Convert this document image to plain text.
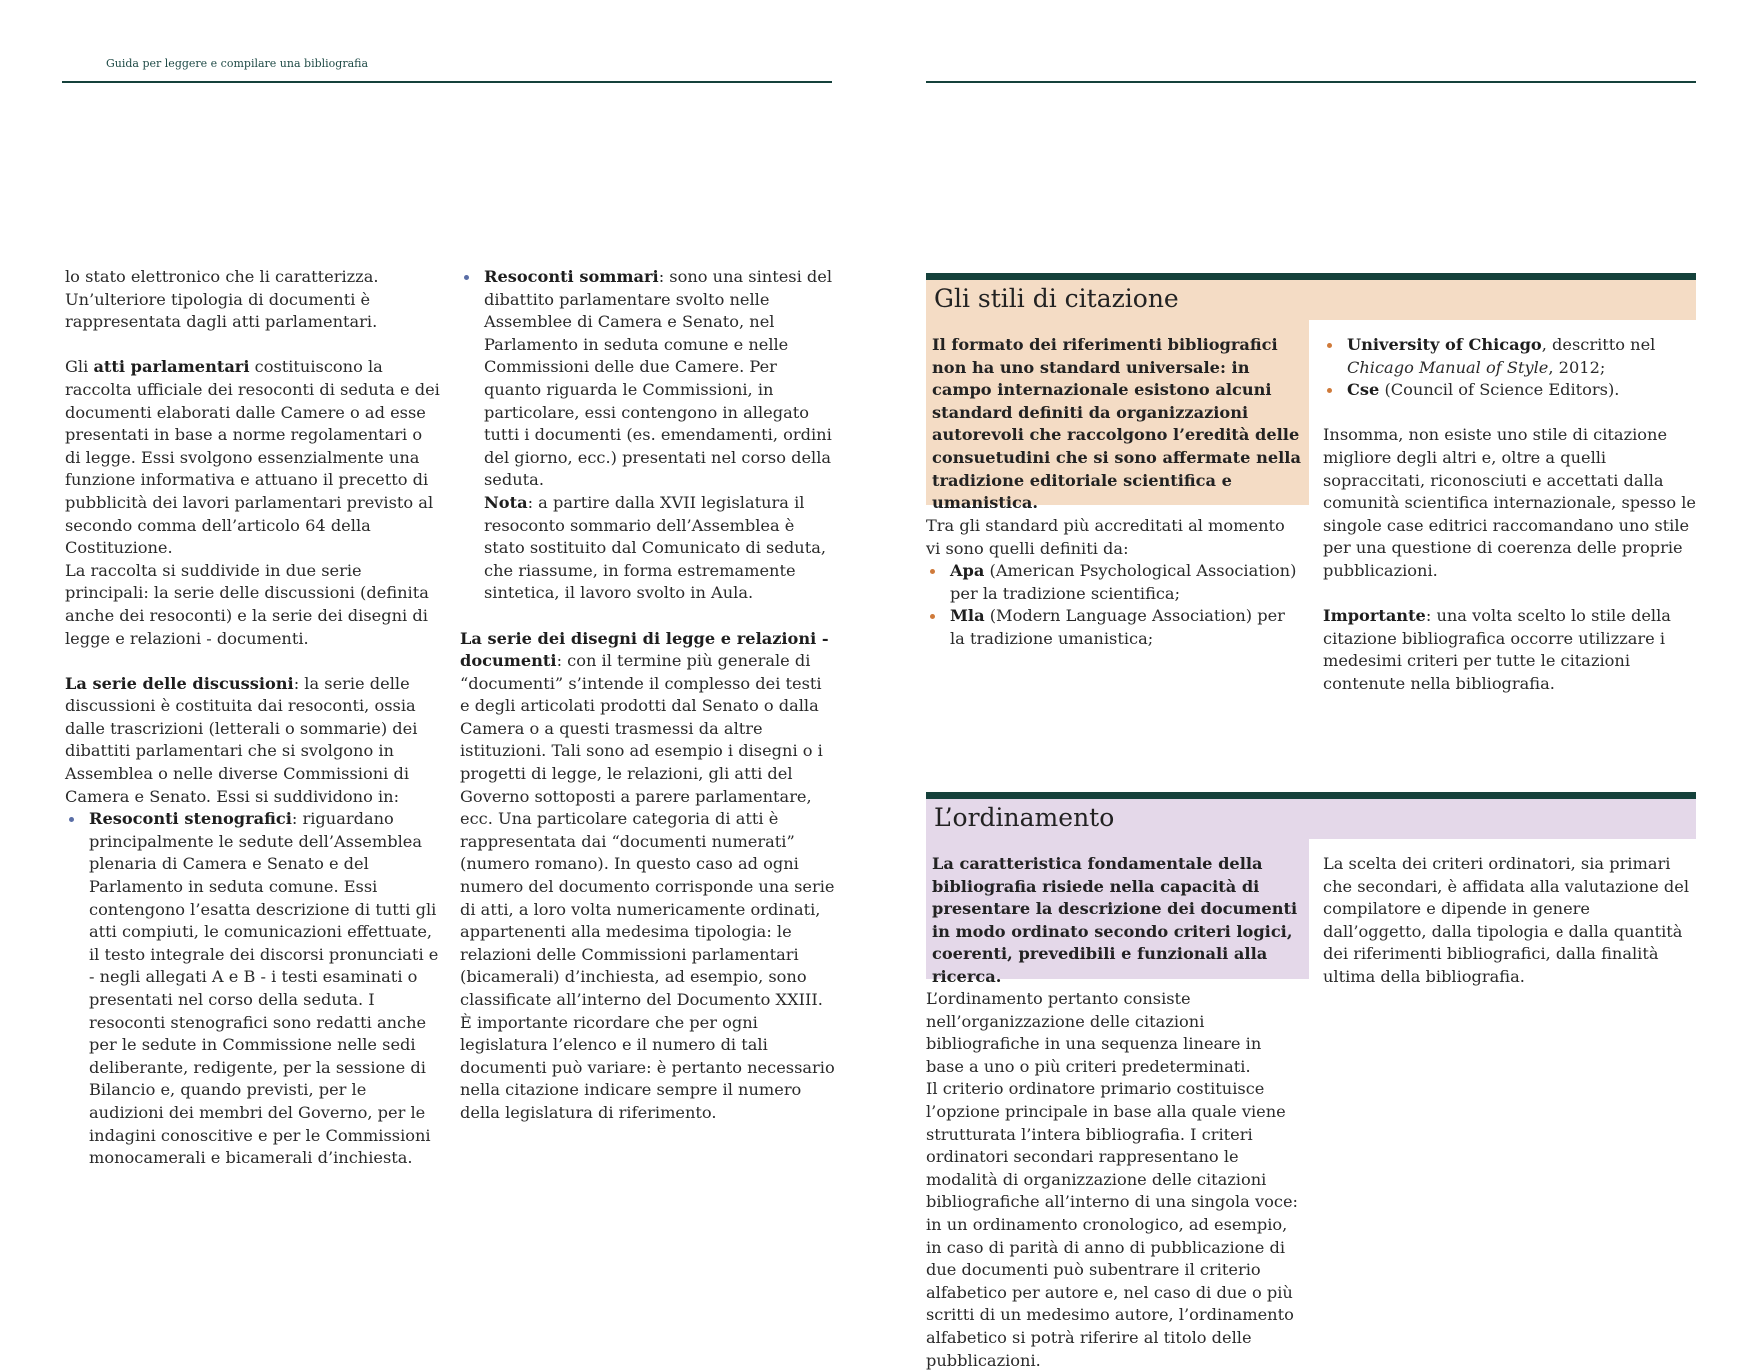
Guida per leggere e compilare una bibliografia

lo stato elettronico che li caratterizza. Un’ulteriore tipologia di documenti è rappresentata dagli atti parlamentari.

Gli atti parlamentari costituiscono la raccolta ufficiale dei resoconti di seduta e dei documenti elaborati dalle Camere o ad esse presentati in base a norme regolamentari o di legge. Essi svolgono essenzialmente una funzione informativa e attuano il precetto di pubblicità dei lavori parlamentari previsto al secondo comma dell’articolo 64 della Costituzione.

La raccolta si suddivide in due serie principali: la serie delle discussioni (definita anche dei resoconti) e la serie dei disegni di legge e relazioni - documenti.

La serie delle discussioni: la serie delle discussioni è costituita dai resoconti, ossia dalle trascrizioni (letterali o sommarie) dei dibattiti parlamentari che si svolgono in Assemblea o nelle diverse Commissioni di Camera e Senato. Essi si suddividono in:

Resoconti stenografici: riguardano principalmente le sedute dell’Assemblea plenaria di Camera e Senato e del Parlamento in seduta comune. Essi contengono l’esatta descrizione di tutti gli atti compiuti, le comunicazioni effettuate, il testo integrale dei discorsi pronunciati e - negli allegati A e B - i testi esaminati o presentati nel corso della seduta. I resoconti stenografici sono redatti anche per le sedute in Commissione nelle sedi deliberante, redigente, per la sessione di Bilancio e, quando previsti, per le audizioni dei membri del Governo, per le indagini conoscitive e per le Commissioni monocamerali e bicamerali d’inchiesta.
Resoconti sommari: sono una sintesi del dibattito parlamentare svolto nelle Assemblee di Camera e Senato, nel Parlamento in seduta comune e nelle Commissioni delle due Camere. Per quanto riguarda le Commissioni, in particolare, essi contengono in allegato tutti i documenti (es. emendamenti, ordini del giorno, ecc.) presentati nel corso della seduta.
Nota: a partire dalla XVII legislatura il resoconto sommario dell’Assemblea è stato sostituito dal Comunicato di seduta, che riassume, in forma estremamente sintetica, il lavoro svolto in Aula.

La serie dei disegni di legge e relazioni - documenti: con il termine più generale di “documenti” s’intende il complesso dei testi e degli articolati prodotti dal Senato o dalla Camera o a questi trasmessi da altre istituzioni. Tali sono ad esempio i disegni o i progetti di legge, le relazioni, gli atti del Governo sottoposti a parere parlamentare, ecc. Una particolare categoria di atti è rappresentata dai “documenti numerati” (numero romano). In questo caso ad ogni numero del documento corrisponde una serie di atti, a loro volta numericamente ordinati, appartenenti alla medesima tipologia: le relazioni delle Commissioni parlamentari (bicamerali) d’inchiesta, ad esempio, sono classificate all’interno del Documento XXIII.

È importante ricordare che per ogni legislatura l’elenco e il numero di tali documenti può variare: è pertanto necessario nella citazione indicare sempre il numero della legislatura di riferimento.

Gli stili di citazione
Il formato dei riferimenti bibliografici non ha uno standard universale: in campo internazionale esistono alcuni standard definiti da organizzazioni autorevoli che raccolgono l’eredità delle consuetudini che si sono affermate nella tradizione editoriale scientifica e umanistica.

Tra gli standard più accreditati al momento vi sono quelli definiti da:

Apa (American Psychological Association) per la tradizione scientifica;
Mla (Modern Language Association) per la tradizione umanistica;
University of Chicago, descritto nel Chicago Manual of Style, 2012;
Cse (Council of Science Editors).

Insomma, non esiste uno stile di citazione migliore degli altri e, oltre a quelli sopraccitati, riconosciuti e accettati dalla comunità scientifica internazionale, spesso le singole case editrici raccomandano uno stile per una questione di coerenza delle proprie pubblicazioni.

Importante: una volta scelto lo stile della citazione bibliografica occorre utilizzare i medesimi criteri per tutte le citazioni contenute nella bibliografia.

L’ordinamento
La caratteristica fondamentale della bibliografia risiede nella capacità di presentare la descrizione dei documenti in modo ordinato secondo criteri logici, coerenti, prevedibili e funzionali alla ricerca.

L’ordinamento pertanto consiste nell’organizzazione delle citazioni bibliografiche in una sequenza lineare in base a uno o più criteri predeterminati.

Il criterio ordinatore primario costituisce l’opzione principale in base alla quale viene strutturata l’intera bibliografia. I criteri ordinatori secondari rappresentano le modalità di organizzazione delle citazioni bibliografiche all’interno di una singola voce: in un ordinamento cronologico, ad esempio, in caso di parità di anno di pubblicazione di due documenti può subentrare il criterio alfabetico per autore e, nel caso di due o più scritti di un medesimo autore, l’ordinamento alfabetico si potrà riferire al titolo delle pubblicazioni.

La scelta dei criteri ordinatori, sia primari che secondari, è affidata alla valutazione del compilatore e dipende in genere dall’oggetto, dalla tipologia e dalla quantità dei riferimenti bibliografici, dalla finalità ultima della bibliografia.
